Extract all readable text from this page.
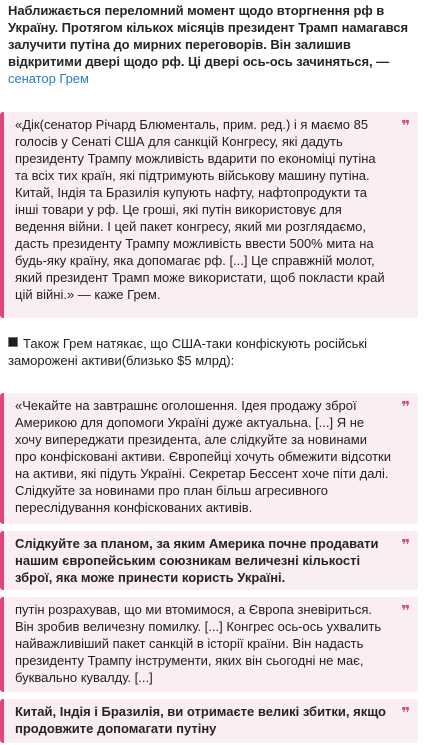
Наближається переломний момент щодо вторгнення рф в Україну. Протягом кількох місяців президент Трамп намагався залучити путіна до мирних переговорів. Він залишив відкритими двері щодо рф. Ці двері ось-ось зачиняться, — сенатор Грем
❞
«Дік(сенатор Річард Блюменталь, прим. ред.) і я маємо 85 голосів у Сенаті США для санкцій Конгресу, які дадуть президенту Трампу можливість вдарити по економіці путіна та всіх тих країн, які підтримують військову машину путіна. Китай, Індія та Бразилія купують нафту, нафтопродукти та інші товари у рф. Це гроші, які путін використовує для ведення війни. І цей пакет конгресу, який ми розглядаємо, дасть президенту Трампу можливість ввести 500% мита на будь-яку країну, яка допомагає рф. [...] Це справжній молот, який президент Трамп може використати, щоб покласти край цій війні.» — каже Грем.
Також Грем натякає, що США-таки конфіскують російські заморожені активи(близько $5 млрд):
❞
«Чекайте на завтрашнє оголошення. Ідея продажу зброї Америкою для допомоги Україні дуже актуальна. [...] Я не хочу випереджати президента, але слідкуйте за новинами про конфісковані активи. Європейці хочуть обмежити відсотки на активи, які підуть Україні. Секретар Бессент хоче піти далі. Слідкуйте за новинами про план більш агресивного переслідування конфіскованих активів.
❞
Слідкуйте за планом, за яким Америка почне продавати нашим європейським союзникам величезні кількості зброї, яка може принести користь Україні.
❞
путін розрахував, що ми втомимося, а Європа зневіриться. Він зробив величезну помилку. [...] Конгрес ось-ось ухвалить найважливіший пакет санкцій в історії країни. Він надасть президенту Трампу інструменти, яких він сьогодні не має, буквально кувалду. [...]
❞
Китай, Індія і Бразилія, ви отримаєте великі збитки, якщо продовжите допомагати путіну
